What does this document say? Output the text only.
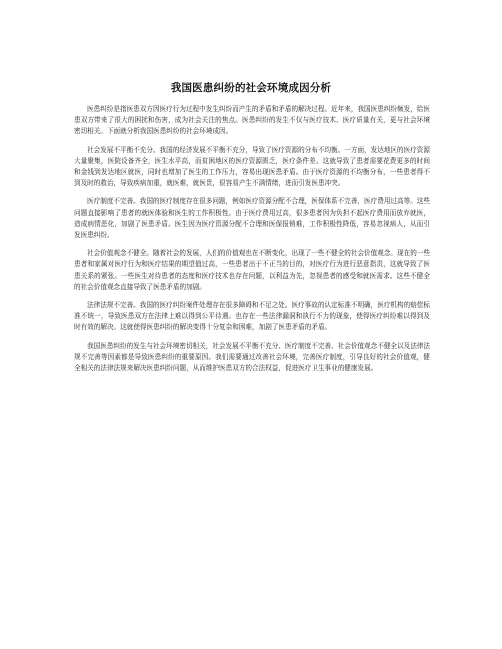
我国医患纠纷的社会环境成因分析

医患纠纷是指医患双方因医疗行为过程中发生纠纷而产生的矛盾和矛盾的解决过程。近年来，我国医患纠纷频发，给医患双方带来了很大的困扰和伤害，成为社会关注的焦点。医患纠纷的发生不仅与医疗技术、医疗质量有关，更与社会环境密切相关。下面就分析我国医患纠纷的社会环境成因。

社会发展不平衡不充分。我国的经济发展不平衡不充分，导致了医疗资源的分布不均衡。一方面，发达地区的医疗资源大量聚集，医院设备齐全，医生水平高，而贫困地区的医疗资源匮乏，医疗条件差。这就导致了患者需要花费更多的时间和金钱到发达地区就医，同时也增加了医生的工作压力，容易出现医患矛盾。由于医疗资源的不均衡分布，一些患者得不到及时的救治，导致疾病加重，就医难，就医贵，很容易产生不满情绪，进而引发医患冲突。

医疗制度不完善。我国的医疗制度存在很多问题，例如医疗资源分配不合理，医保体系不完善，医疗费用过高等。这些问题直接影响了患者的就医体验和医生的工作积极性。由于医疗费用过高，很多患者因为负担不起医疗费用而放弃就医，造成病情恶化，加剧了医患矛盾。医生因为医疗资源分配不合理和医保报销难，工作积极性降低，容易忽视病人，从而引发医患纠纷。

社会价值观念不健全。随着社会的发展，人们的价值观也在不断变化，出现了一些不健全的社会价值观念。现在的一些患者和家属对医疗行为和医疗结果的期望值过高，一些患者出于不正当的目的，对医疗行为进行恶意指责，这就导致了医患关系的紧张。一些医生对待患者的态度和医疗技术也存在问题，以利益为先，忽视患者的感受和就医需求。这些不健全的社会价值观念直接导致了医患矛盾的加剧。

法律法规不完善。我国的医疗纠纷案件处理存在很多障碍和不足之处。医疗事故的认定标准不明确，医疗机构的赔偿标准不统一，导致医患双方在法律上难以得到公平待遇。也存在一些法律漏洞和执行不力的现象，使得医疗纠纷难以得到及时有效的解决。这就使得医患纠纷的解决变得十分复杂和困难，加剧了医患矛盾的矛盾。

我国医患纠纷的发生与社会环境密切相关，社会发展不平衡不充分、医疗制度不完善、社会价值观念不健全以及法律法规不完善等因素都是导致医患纠纷的重要原因。我们需要通过改善社会环境，完善医疗制度，引导良好的社会价值观，健全相关的法律法规来解决医患纠纷问题，从而维护医患双方的合法权益，促进医疗卫生事业的健康发展。
